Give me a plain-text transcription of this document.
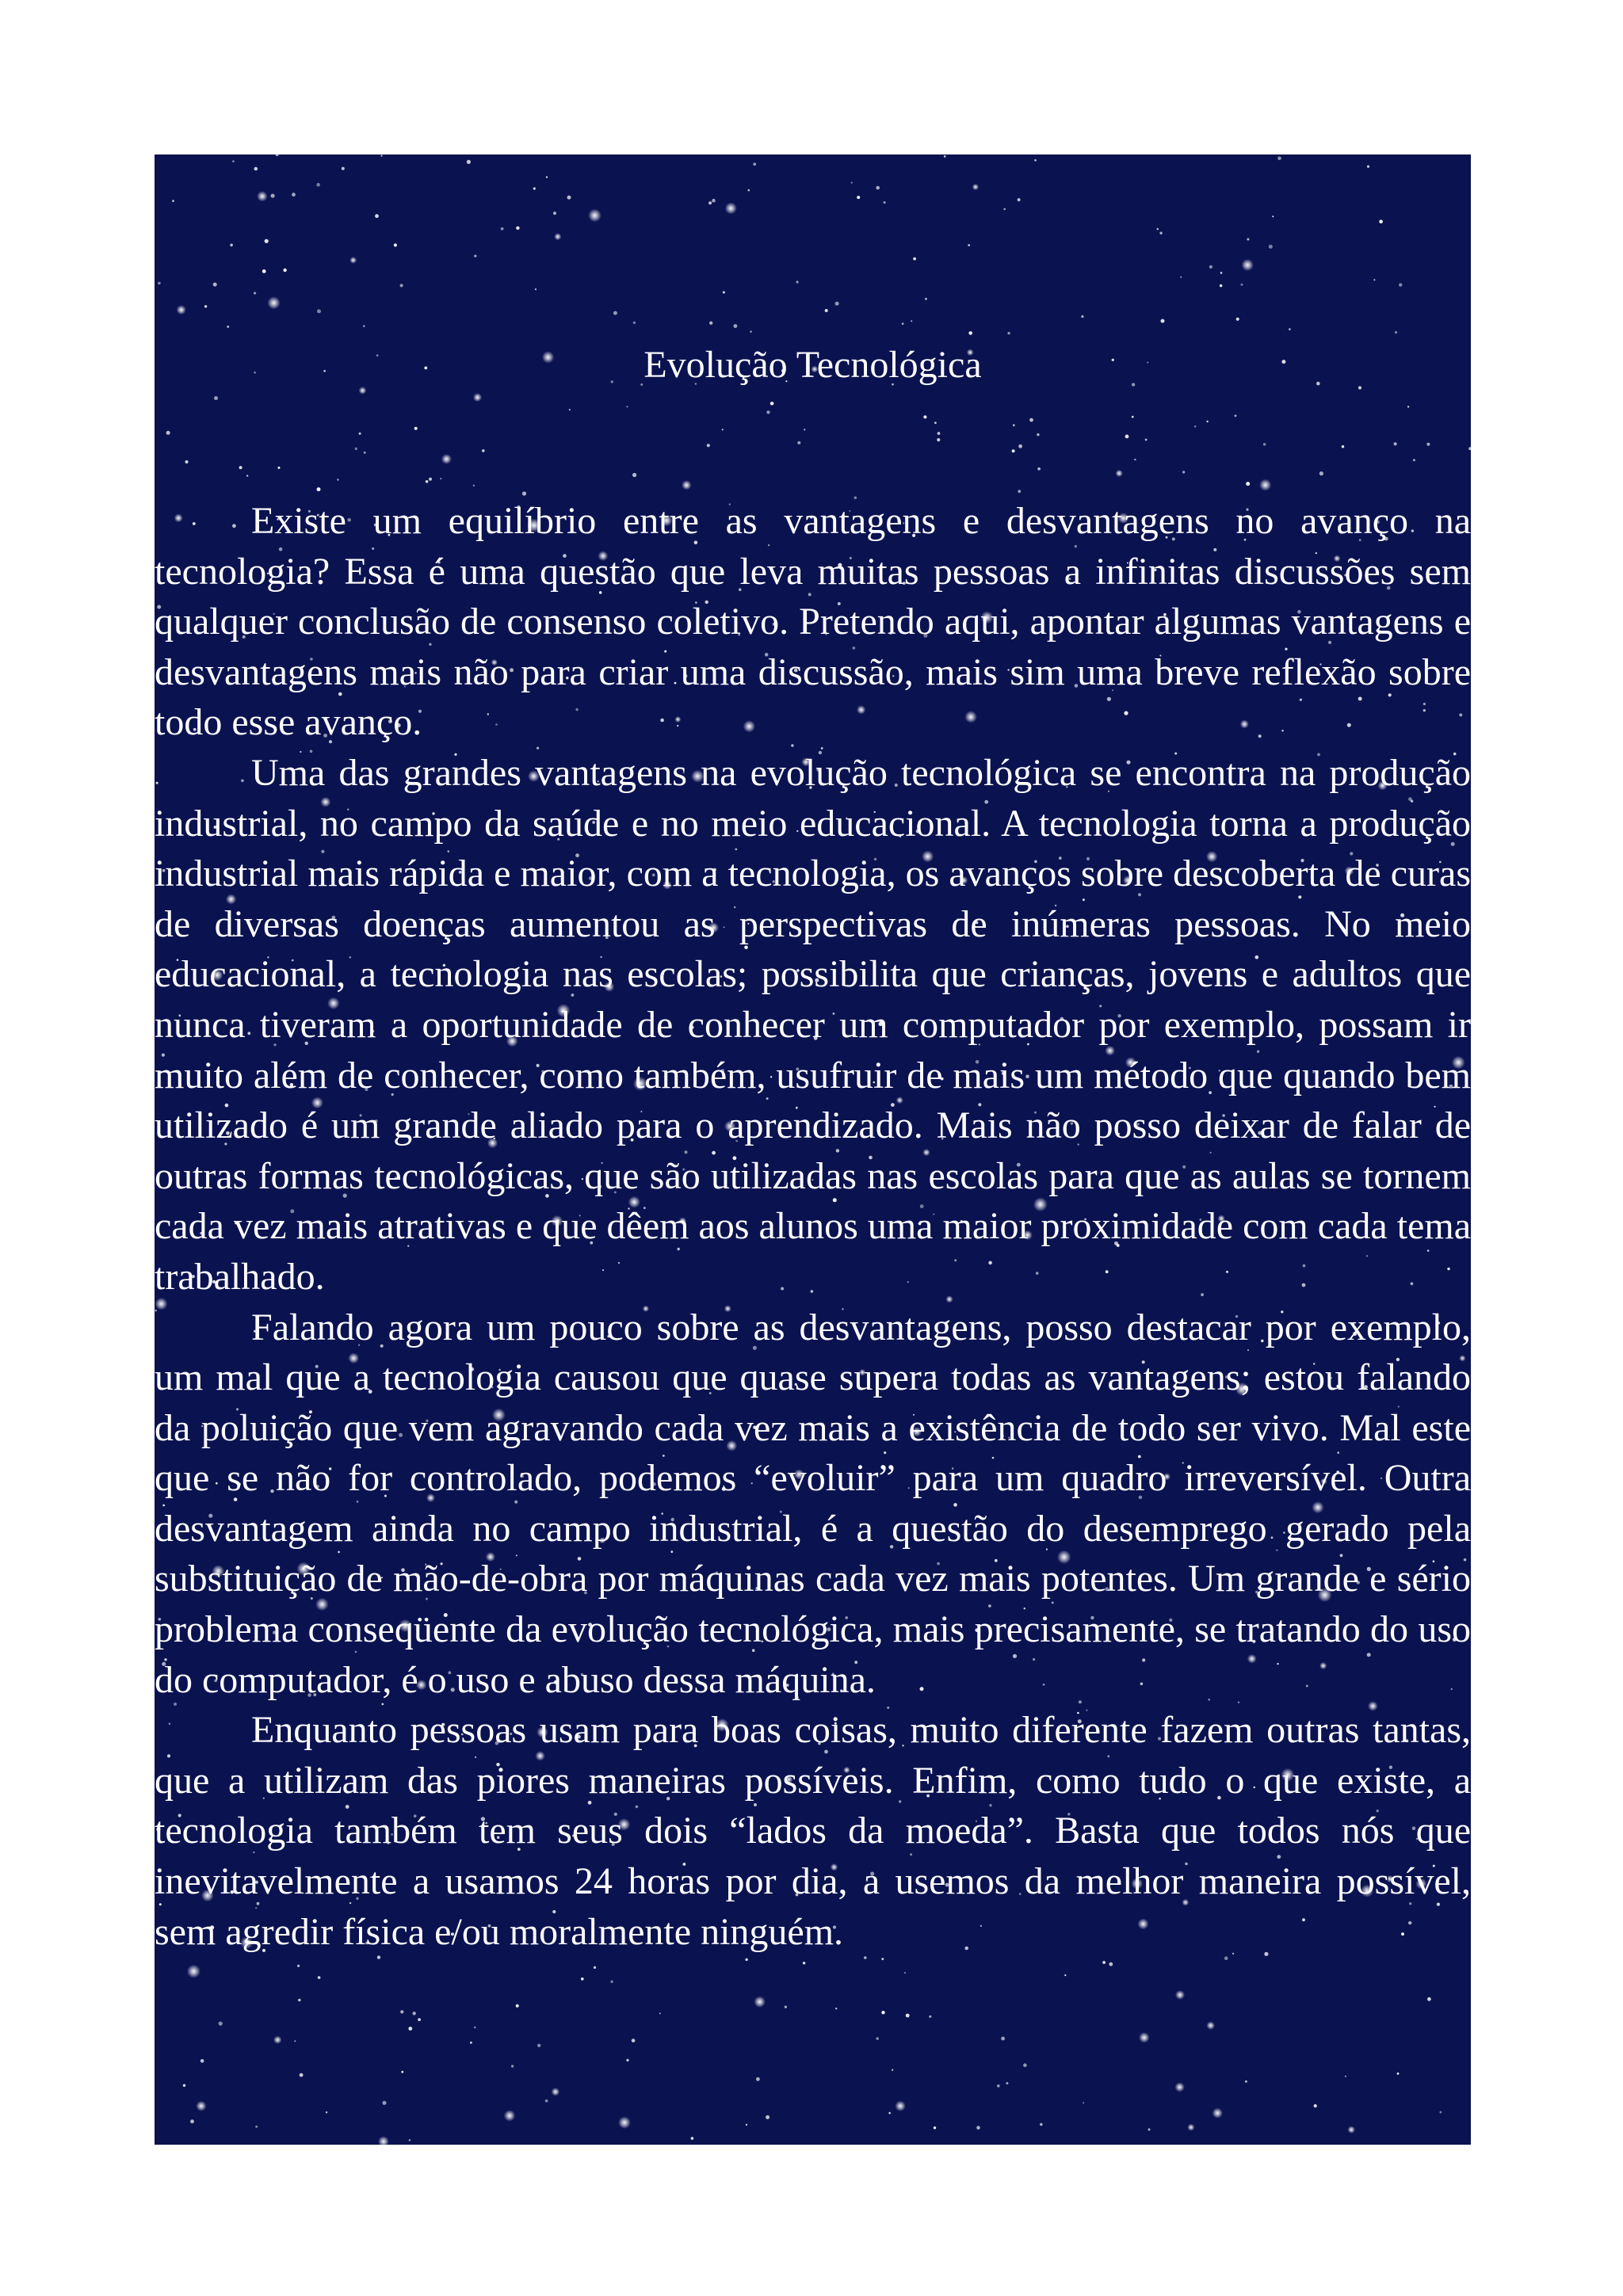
Evolução Tecnológica

Existe um equilíbrio entre as vantagens e desvantagens no avanço na tecnologia? Essa é uma questão que leva muitas pessoas a infinitas discussões sem qualquer conclusão de consenso coletivo. Pretendo aqui, apontar algumas vantagens e desvantagens mais não para criar uma discussão, mais sim uma breve reflexão sobre todo esse avanço.

Uma das grandes vantagens na evolução tecnológica se encontra na produção industrial, no campo da saúde e no meio educacional. A tecnologia torna a produção industrial mais rápida e maior, com a tecnologia, os avanços sobre descoberta de curas de diversas doenças aumentou as perspectivas de inúmeras pessoas. No meio educacional, a tecnologia nas escolas; possibilita que crianças, jovens e adultos que nunca tiveram a oportunidade de conhecer um computador por exemplo, possam ir muito além de conhecer, como também, usufruir de mais um método que quando bem utilizado é um grande aliado para o aprendizado. Mais não posso deixar de falar de outras formas tecnológicas, que são utilizadas nas escolas para que as aulas se tornem cada vez mais atrativas e que dêem aos alunos uma maior proximidade com cada tema trabalhado.

Falando agora um pouco sobre as desvantagens, posso destacar por exemplo, um mal que a tecnologia causou que quase supera todas as vantagens; estou falando da poluição que vem agravando cada vez mais a existência de todo ser vivo. Mal este que se não for controlado, podemos “evoluir” para um quadro irreversível. Outra desvantagem ainda no campo industrial, é a questão do desemprego gerado pela substituição de mão-de-obra por máquinas cada vez mais potentes. Um grande e sério problema conseqüente da evolução tecnológica, mais precisamente, se tratando do uso do computador, é o uso e abuso dessa máquina.

Enquanto pessoas usam para boas coisas, muito diferente fazem outras tantas, que a utilizam das piores maneiras possíveis. Enfim, como tudo o que existe, a tecnologia também tem seus dois “lados da moeda”. Basta que todos nós que inevitavelmente a usamos 24 horas por dia, a usemos da melhor maneira possível, sem agredir física e/ou moralmente ninguém.
